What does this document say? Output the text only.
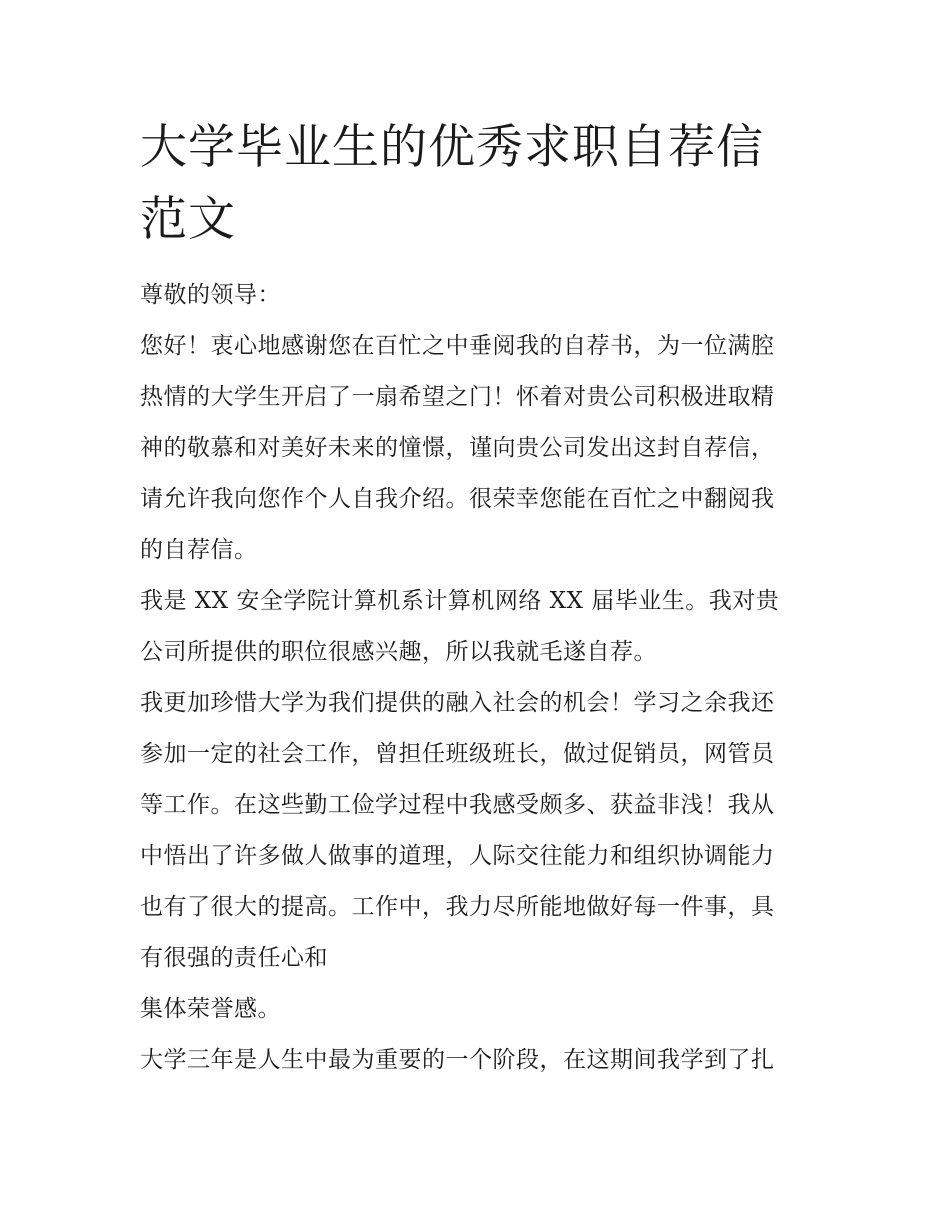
大学毕业生的优秀求职自荐信
范文

尊敬的领导：

您好！衷心地感谢您在百忙之中垂阅我的自荐书，为一位满腔
热情的大学生开启了一扇希望之门！怀着对贵公司积极进取精
神的敬慕和对美好未来的憧憬，谨向贵公司发出这封自荐信，
请允许我向您作个人自我介绍。很荣幸您能在百忙之中翻阅我
的自荐信。

我是 XX 安全学院计算机系计算机网络 XX 届毕业生。我对贵
公司所提供的职位很感兴趣，所以我就毛遂自荐。

我更加珍惜大学为我们提供的融入社会的机会！学习之余我还
参加一定的社会工作，曾担任班级班长，做过促销员，网管员
等工作。在这些勤工俭学过程中我感受颇多、获益非浅！我从
中悟出了许多做人做事的道理，人际交往能力和组织协调能力
也有了很大的提高。工作中，我力尽所能地做好每一件事，具
有很强的责任心和

集体荣誉感。

大学三年是人生中最为重要的一个阶段，在这期间我学到了扎
